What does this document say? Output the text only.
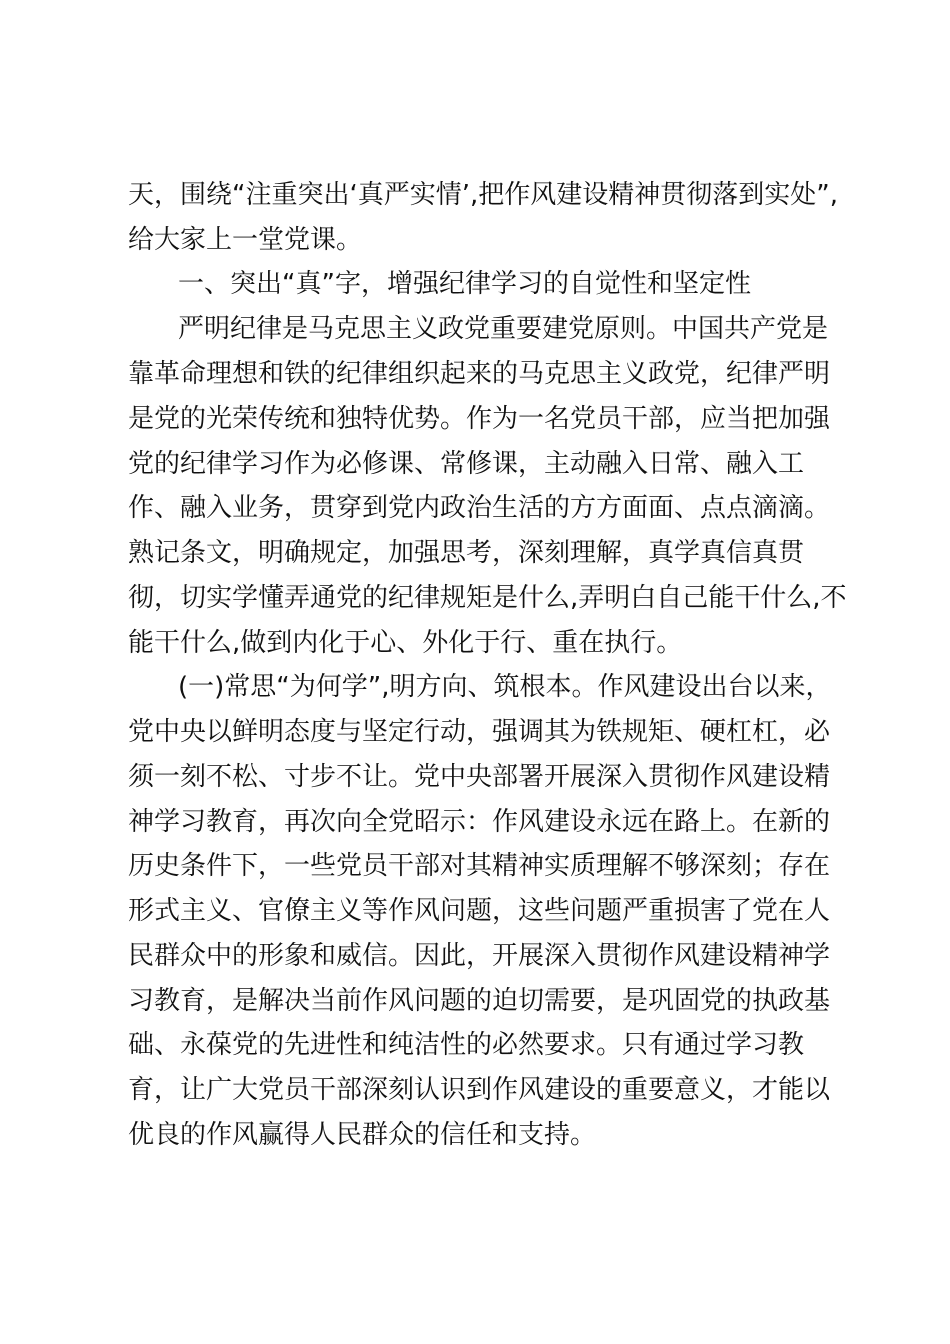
天，围绕“注重突出‘真严实情’,把作风建设精神贯彻落到实处”,

给大家上一堂党课。

一、突出“真”字，增强纪律学习的自觉性和坚定性

严明纪律是马克思主义政党重要建党原则。中国共产党是

靠革命理想和铁的纪律组织起来的马克思主义政党，纪律严明

是党的光荣传统和独特优势。作为一名党员干部，应当把加强

党的纪律学习作为必修课、常修课，主动融入日常、融入工

作、融入业务，贯穿到党内政治生活的方方面面、点点滴滴。

熟记条文，明确规定，加强思考，深刻理解，真学真信真贯

彻，切实学懂弄通党的纪律规矩是什么,弄明白自己能干什么,不

能干什么,做到内化于心、外化于行、重在执行。

(一)常思“为何学”,明方向、筑根本。作风建设出台以来，

党中央以鲜明态度与坚定行动，强调其为铁规矩、硬杠杠，必

须一刻不松、寸步不让。党中央部署开展深入贯彻作风建设精

神学习教育，再次向全党昭示：作风建设永远在路上。在新的

历史条件下，一些党员干部对其精神实质理解不够深刻；存在

形式主义、官僚主义等作风问题，这些问题严重损害了党在人

民群众中的形象和威信。因此，开展深入贯彻作风建设精神学

习教育，是解决当前作风问题的迫切需要，是巩固党的执政基

础、永葆党的先进性和纯洁性的必然要求。只有通过学习教

育，让广大党员干部深刻认识到作风建设的重要意义，才能以

优良的作风赢得人民群众的信任和支持。
